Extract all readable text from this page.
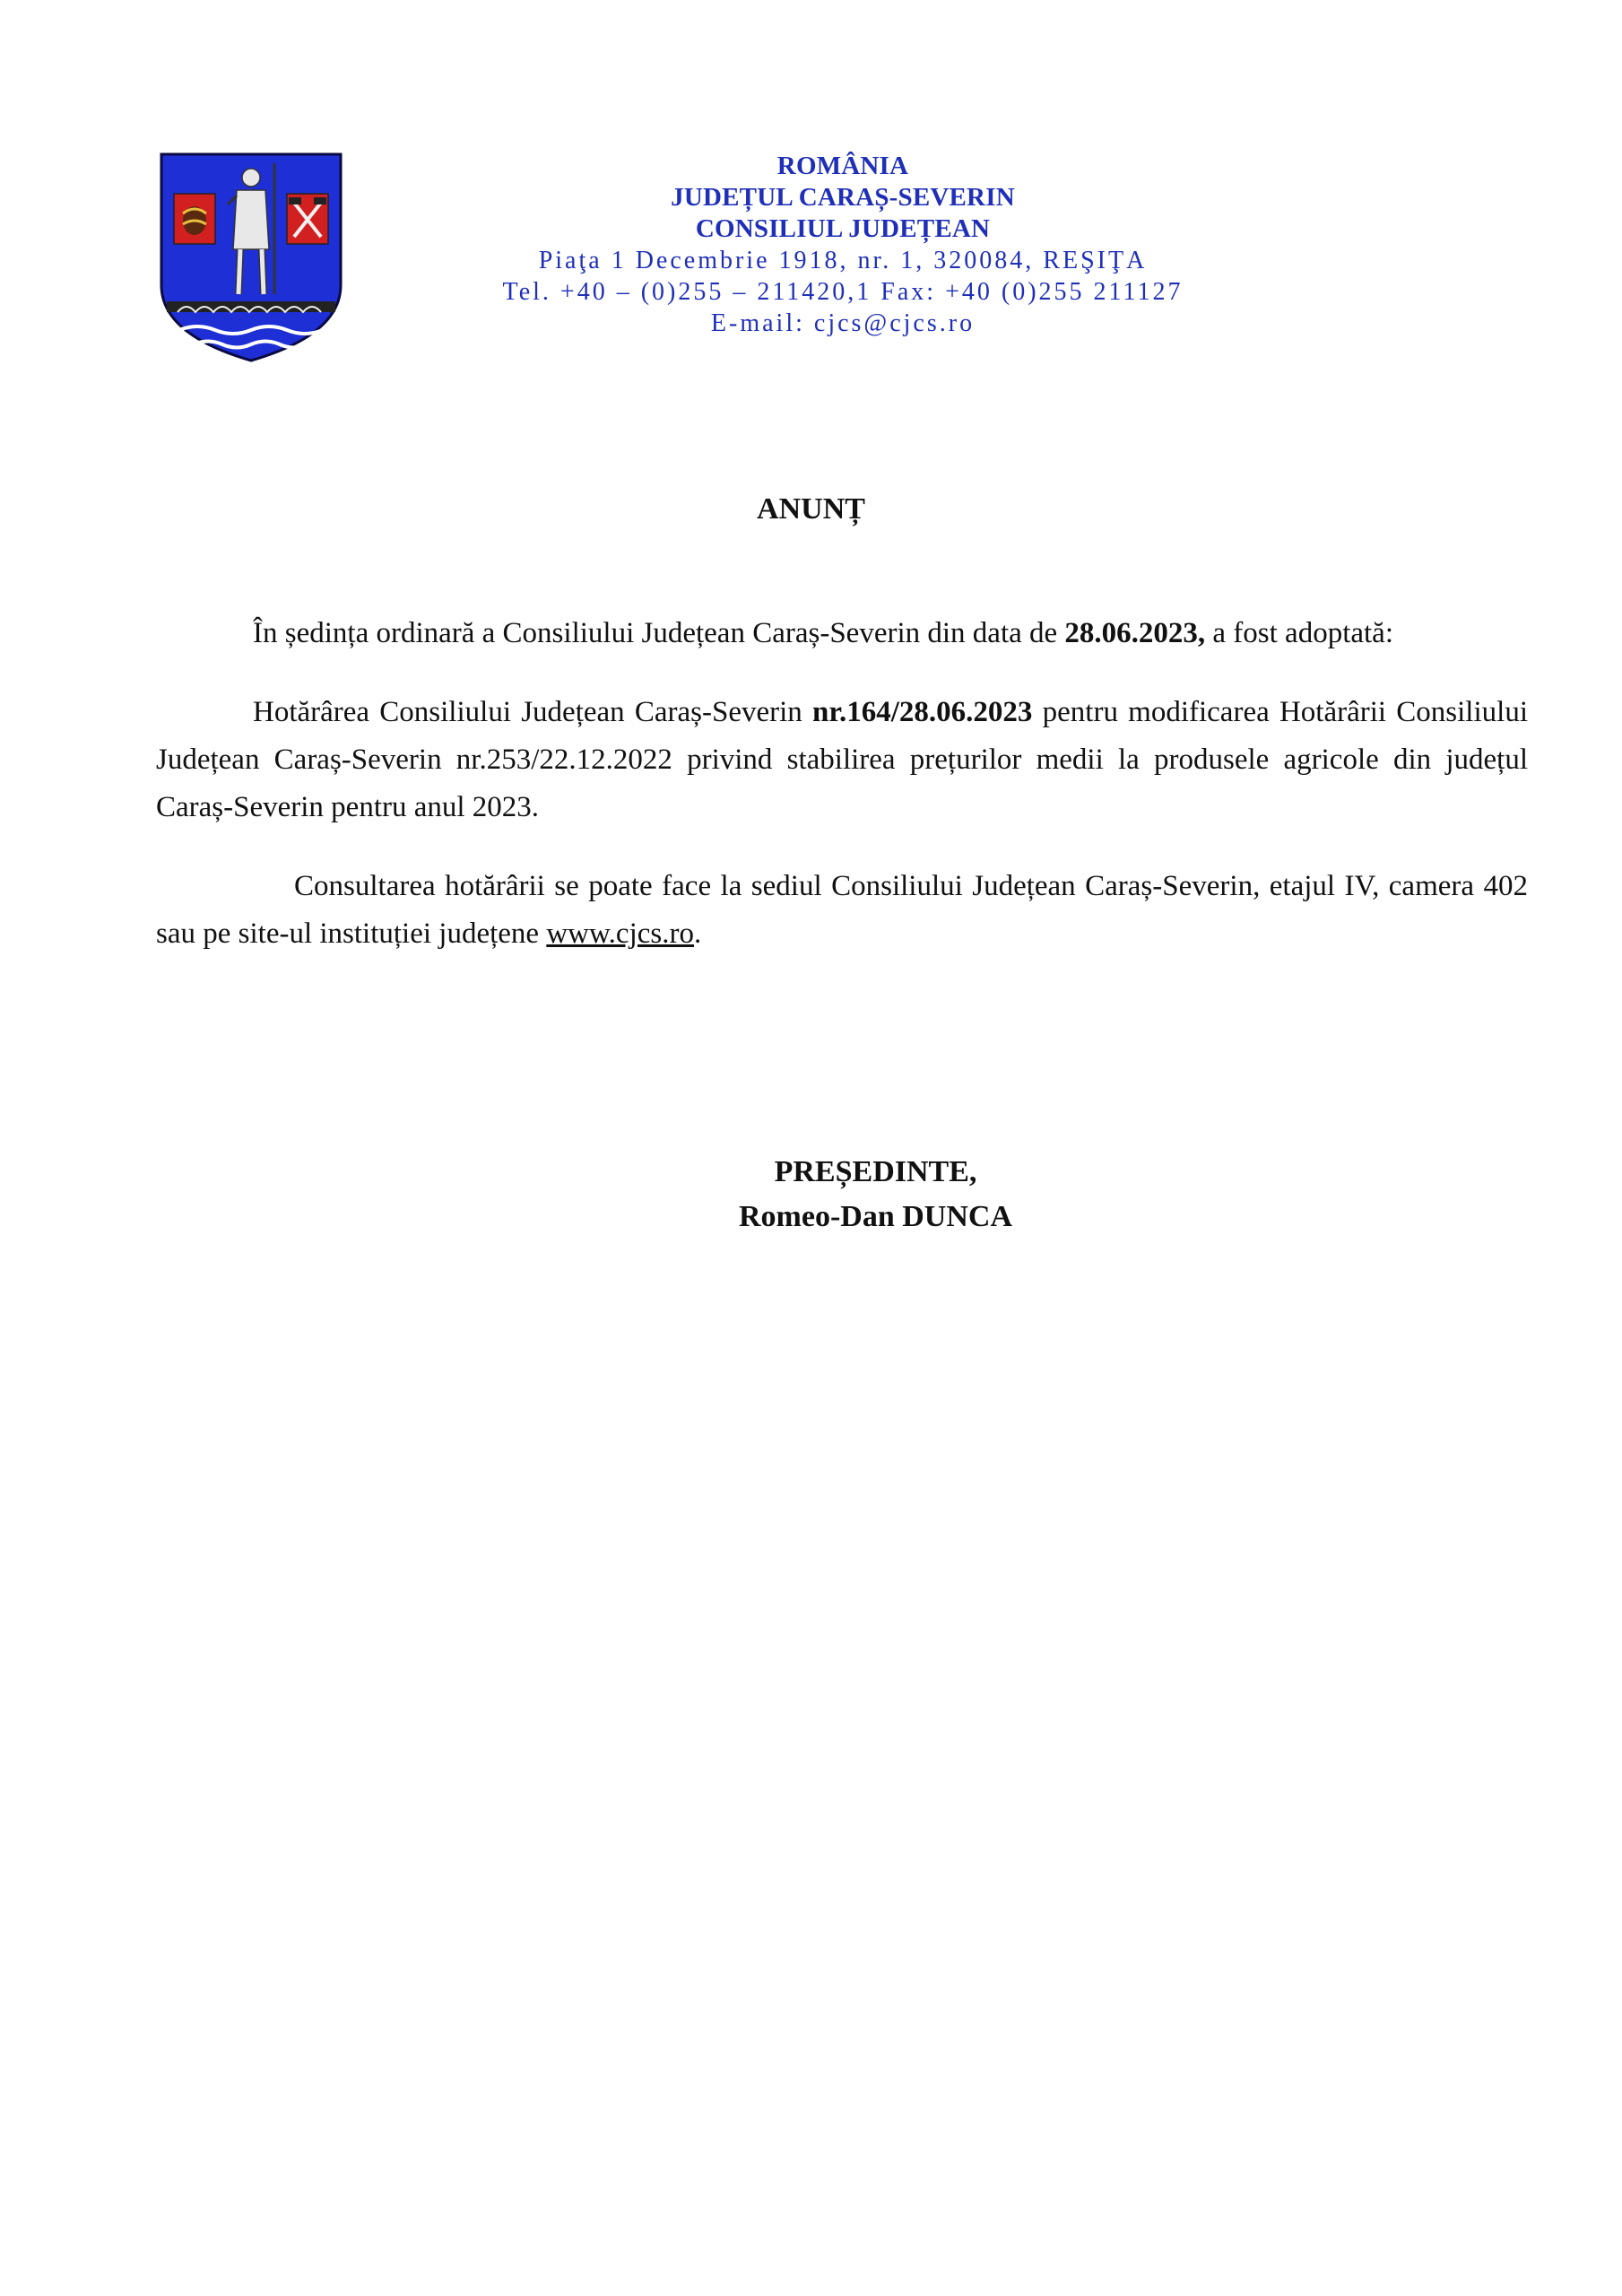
ROMÂNIA
JUDEȚUL CARAȘ-SEVERIN
CONSILIUL JUDEȚEAN
Piaţa 1 Decembrie 1918, nr. 1, 320084, REŞIŢA
Tel. +40 – (0)255 – 211420,1 Fax: +40 (0)255 211127
E-mail: cjcs@cjcs.ro
ANUNȚ
În ședința ordinară a Consiliului Județean Caraș-Severin din data de 28.06.2023, a fost adoptată:
Hotărârea Consiliului Județean Caraș-Severin nr.164/28.06.2023 pentru modificarea Hotărârii Consiliului Județean Caraș-Severin nr.253/22.12.2022 privind stabilirea prețurilor medii la produsele agricole din județul Caraș-Severin pentru anul 2023.
Consultarea hotărârii se poate face la sediul Consiliului Județean Caraș-Severin, etajul IV, camera 402 sau pe site-ul instituției județene www.cjcs.ro.
PREȘEDINTE,
Romeo-Dan DUNCA
